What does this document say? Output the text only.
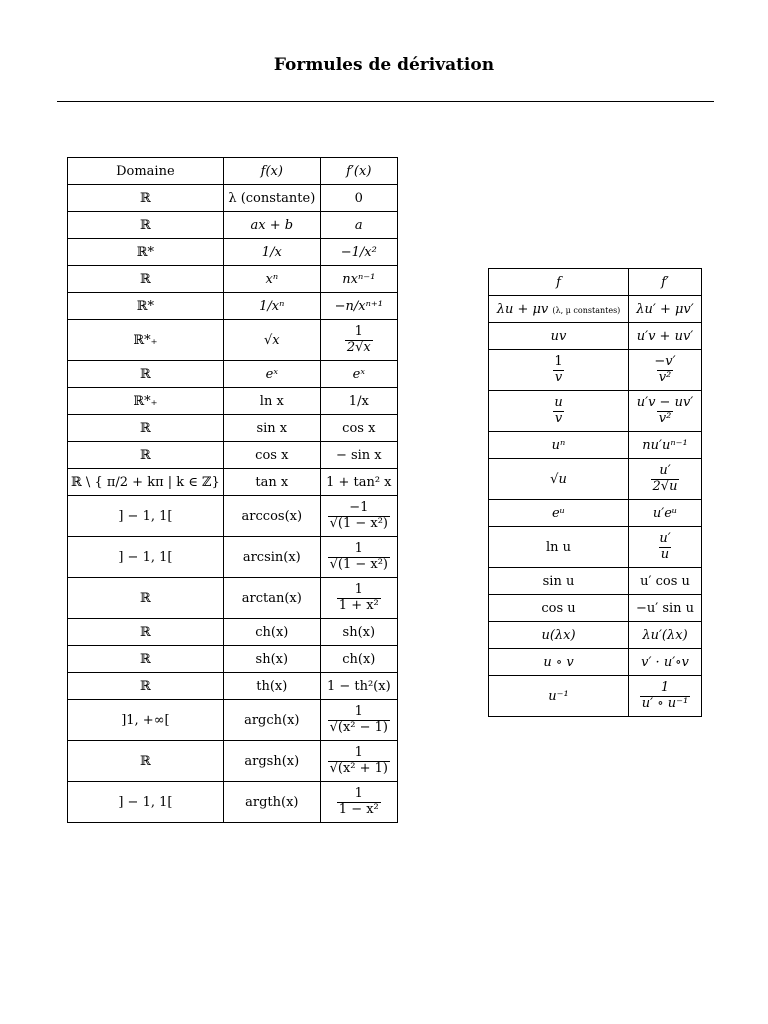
Formules de dérivation
Domaine	f(x)	f′(x)
ℝ	λ (constante)	0
ℝ	ax + b	a
ℝ*	1/x	−1/x²
ℝ	xⁿ	nxⁿ⁻¹
ℝ*	1/xⁿ	−n/xⁿ⁺¹
ℝ*₊	√x	$\frac{1}{2√x}$

ℝ	eˣ	eˣ
ℝ*₊	ln x	1/x
ℝ	sin x	cos x
ℝ	cos x	− sin x
ℝ \ { π/2 + kπ | k ∈ ℤ}	tan x	1 + tan² x
] − 1, 1[	arccos(x)	$\frac{-1}{\text{√(1 − x²)}}$

] − 1, 1[	arcsin(x)	$\frac{1}{\text{√(1 − x²)}}$

ℝ	arctan(x)	$\frac{1}{\text{1 + x²}}$

ℝ	ch(x)	sh(x)
ℝ	sh(x)	ch(x)
ℝ	th(x)	1 − th²(x)
]1, +∞[	argch(x)	$\frac{1}{\text{√(x² − 1)}}$

ℝ	argsh(x)	$\frac{1}{\text{√(x² + 1)}}$

] − 1, 1[	argth(x)	$\frac{1}{\text{1 − x²}}$
f	f′
λu + μv (λ, μ constantes)	λu′ + μv′
uv	u′v + uv′

$\frac{1}{v}$	$\frac{-v'}{\text{v²}}$

$\frac{u}{v}$	$\frac{u'v - uv'}{\text{v²}}$

uⁿ	nu′uⁿ⁻¹
√u	$\frac{u'}{2√u}$

eᵘ	u′eᵘ
ln u	$\frac{u'}{u}$

sin u	u′ cos u
cos u	−u′ sin u
u(λx)	λu′(λx)
u ∘ v	v′ · u′∘v
u⁻¹	$\frac{1}{\text{u′ ∘ u⁻¹}}$
